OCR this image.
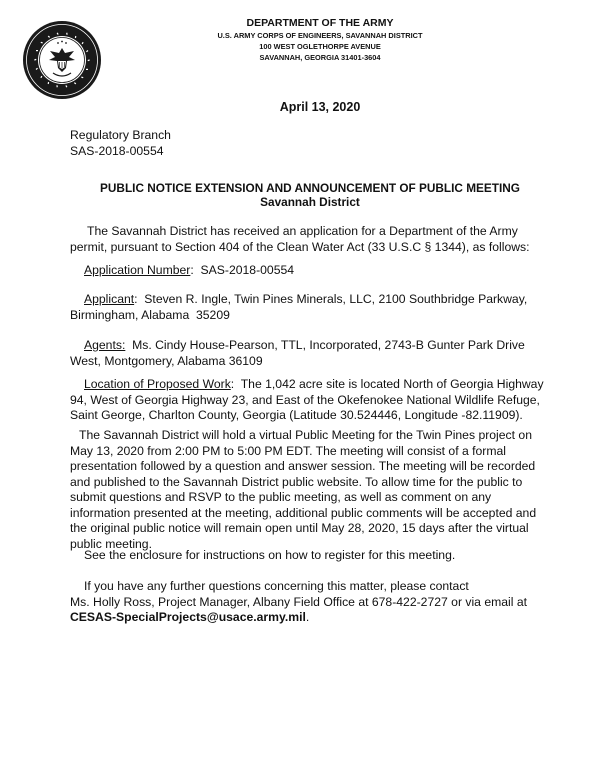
DEPARTMENT OF THE ARMY
U.S. ARMY CORPS OF ENGINEERS, SAVANNAH DISTRICT
100 WEST OGLETHORPE AVENUE
SAVANNAH, GEORGIA 31401-3604
April 13, 2020
Regulatory Branch
SAS-2018-00554
The Savannah District has received an application for a Department of the Army
permit, pursuant to Section 404 of the Clean Water Act (33 U.S.C § 1344), as follows:
Application Number:  SAS-2018-00554
Applicant:  Steven R. Ingle, Twin Pines Minerals, LLC, 2100 Southbridge Parkway,
Birmingham, Alabama  35209
Agents:  Ms. Cindy House-Pearson, TTL, Incorporated, 2743-B Gunter Park Drive
West, Montgomery, Alabama 36109
Location of Proposed Work:  The 1,042 acre site is located North of Georgia Highway
94, West of Georgia Highway 23, and East of the Okefenokee National Wildlife Refuge,
Saint George, Charlton County, Georgia (Latitude 30.524446, Longitude -82.11909).
The Savannah District will hold a virtual Public Meeting for the Twin Pines project on
May 13, 2020 from 2:00 PM to 5:00 PM EDT. The meeting will consist of a formal
presentation followed by a question and answer session. The meeting will be recorded
and published to the Savannah District public website. To allow time for the public to
submit questions and RSVP to the public meeting, as well as comment on any
information presented at the meeting, additional public comments will be accepted and
the original public notice will remain open until May 28, 2020, 15 days after the virtual
public meeting.
See the enclosure for instructions on how to register for this meeting.
If you have any further questions concerning this matter, please contact
Ms. Holly Ross, Project Manager, Albany Field Office at 678-422-2727 or via email at
CESAS-SpecialProjects@usace.army.mil.
PUBLIC NOTICE EXTENSION AND ANNOUNCEMENT OF PUBLIC MEETING
Savannah District
